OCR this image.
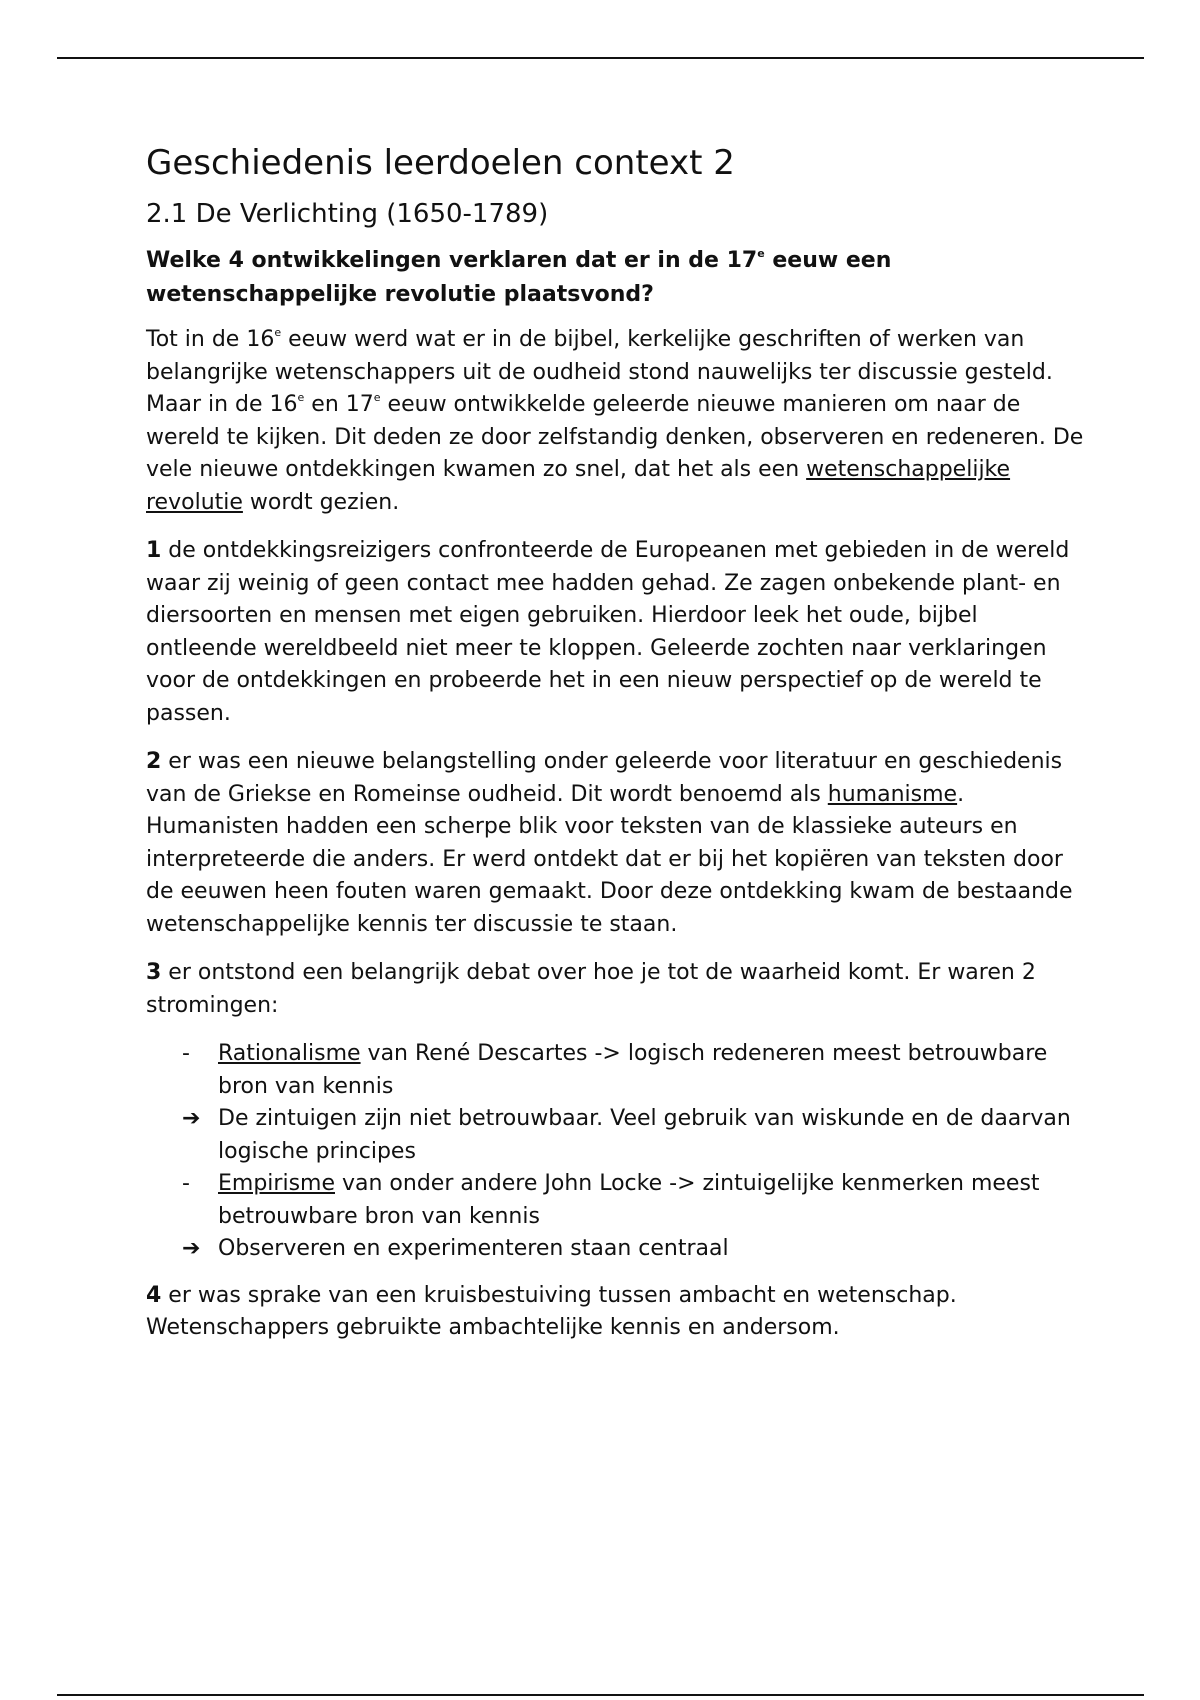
Geschiedenis leerdoelen context 2
2.1 De Verlichting (1650-1789)
Welke 4 ontwikkelingen verklaren dat er in de 17e eeuw een wetenschappelijke revolutie plaatsvond?

Tot in de 16e eeuw werd wat er in de bijbel, kerkelijke geschriften of werken van belangrijke wetenschappers uit de oudheid stond nauwelijks ter discussie gesteld. Maar in de 16e en 17e eeuw ontwikkelde geleerde nieuwe manieren om naar de wereld te kijken. Dit deden ze door zelfstandig denken, observeren en redeneren. De vele nieuwe ontdekkingen kwamen zo snel, dat het als een wetenschappelijke revolutie wordt gezien.

1 de ontdekkingsreizigers confronteerde de Europeanen met gebieden in de wereld waar zij weinig of geen contact mee hadden gehad. Ze zagen onbekende plant- en diersoorten en mensen met eigen gebruiken. Hierdoor leek het oude, bijbel ontleende wereldbeeld niet meer te kloppen. Geleerde zochten naar verklaringen voor de ontdekkingen en probeerde het in een nieuw perspectief op de wereld te passen.

2 er was een nieuwe belangstelling onder geleerde voor literatuur en geschiedenis van de Griekse en Romeinse oudheid. Dit wordt benoemd als humanisme. Humanisten hadden een scherpe blik voor teksten van de klassieke auteurs en interpreteerde die anders. Er werd ontdekt dat er bij het kopiëren van teksten door de eeuwen heen fouten waren gemaakt. Door deze ontdekking kwam de bestaande wetenschappelijke kennis ter discussie te staan.

3 er ontstond een belangrijk debat over hoe je tot de waarheid komt. Er waren 2 stromingen:

-	Rationalisme van René Descartes -> logisch redeneren meest betrouwbare bron van kennis
➔ De zintuigen zijn niet betrouwbaar. Veel gebruik van wiskunde en de daarvan logische principes
-	Empirisme van onder andere John Locke -> zintuigelijke kenmerken meest betrouwbare bron van kennis
➔ Observeren en experimenteren staan centraal

4 er was sprake van een kruisbestuiving tussen ambacht en wetenschap. Wetenschappers gebruikte ambachtelijke kennis en andersom.
